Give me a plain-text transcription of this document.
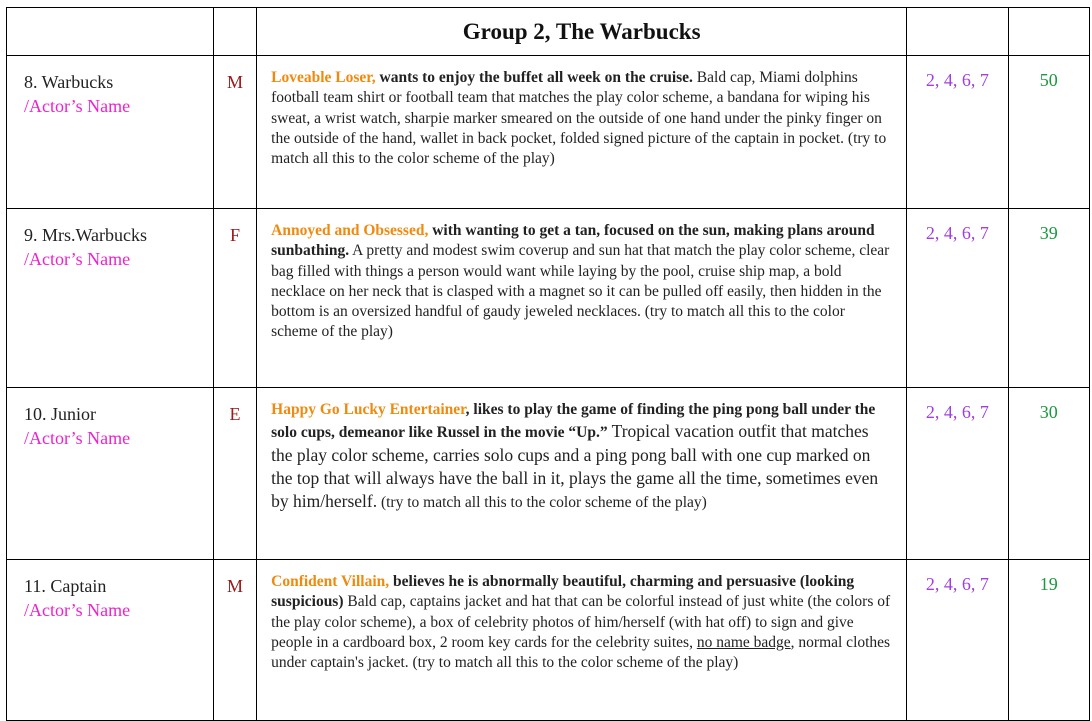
		Group 2, The Warbucks		
8. Warbucks
/Actor’s Name	M	Loveable Loser, wants to enjoy the buffet all week on the cruise. Bald cap, Miami dolphins football team shirt or football team that matches the play color scheme, a bandana for wiping his sweat, a wrist watch, sharpie marker smeared on the outside of one hand under the pinky finger on the outside of the hand, wallet in back pocket, folded signed picture of the captain in pocket. (try to match all this to the color scheme of the play)	2, 4, 6, 7	50
9. Mrs.Warbucks
/Actor’s Name	F	Annoyed and Obsessed, with wanting to get a tan, focused on the sun, making plans around sunbathing. A pretty and modest swim coverup and sun hat that match the play color scheme, clear bag filled with things a person would want while laying by the pool, cruise ship map, a bold necklace on her neck that is clasped with a magnet so it can be pulled off easily, then hidden in the bottom is an oversized handful of gaudy jeweled necklaces. (try to match all this to the color scheme of the play)	2, 4, 6, 7	39
10. Junior
/Actor’s Name	E	Happy Go Lucky Entertainer, likes to play the game of finding the ping pong ball under the solo cups, demeanor like Russel in the movie “Up.” Tropical vacation outfit that matches the play color scheme, carries solo cups and a ping pong ball with one cup marked on the top that will always have the ball in it, plays the game all the time, sometimes even by him/herself. (try to match all this to the color scheme of the play)	2, 4, 6, 7	30
11. Captain
/Actor’s Name	M	Confident Villain, believes he is abnormally beautiful, charming and persuasive (looking suspicious) Bald cap, captains jacket and hat that can be colorful instead of just white (the colors of the play color scheme), a box of celebrity photos of him/herself (with hat off) to sign and give people in a cardboard box, 2 room key cards for the celebrity suites, no name badge, normal clothes under captain's jacket. (try to match all this to the color scheme of the play)	2, 4, 6, 7	19
